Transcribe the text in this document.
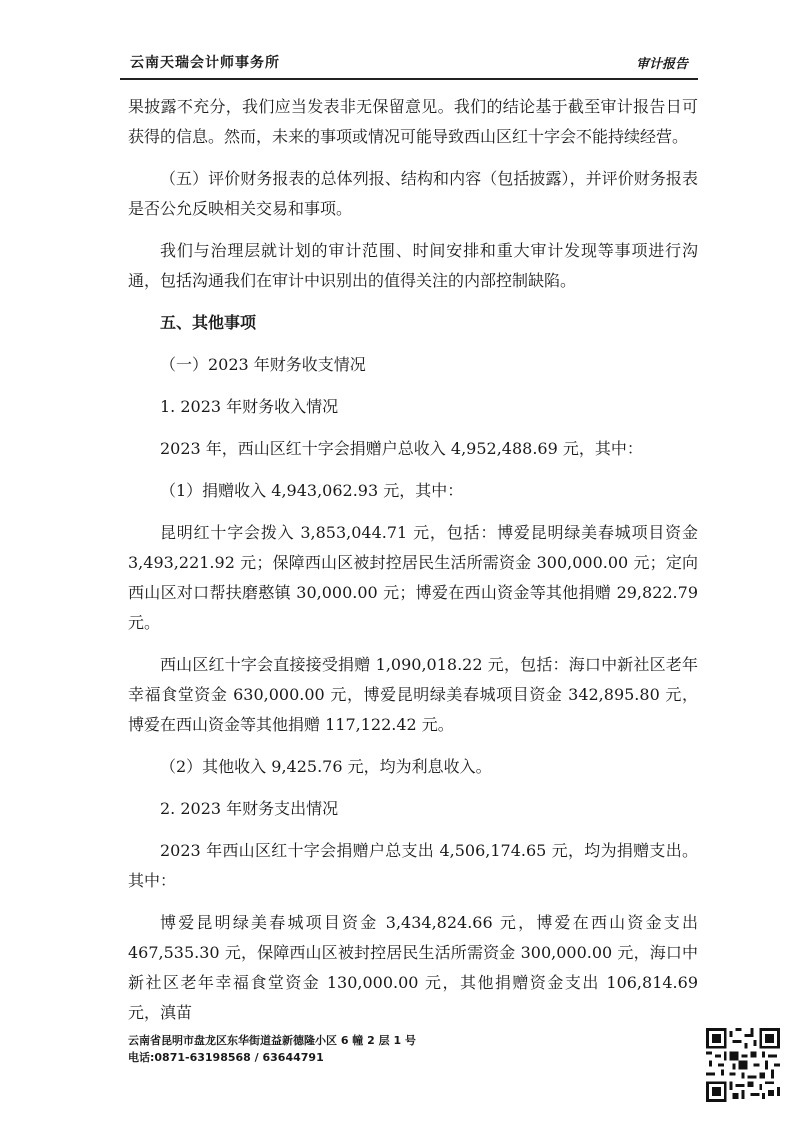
云南天瑞会计师事务所	审计报告

果披露不充分，我们应当发表非无保留意见。我们的结论基于截至审计报告日可获得的信息。然而，未来的事项或情况可能导致西山区红十字会不能持续经营。

（五）评价财务报表的总体列报、结构和内容（包括披露），并评价财务报表是否公允反映相关交易和事项。

我们与治理层就计划的审计范围、时间安排和重大审计发现等事项进行沟通，包括沟通我们在审计中识别出的值得关注的内部控制缺陷。

五、其他事项

（一）2023 年财务收支情况

1. 2023 年财务收入情况

2023 年，西山区红十字会捐赠户总收入 4,952,488.69 元，其中：

（1）捐赠收入 4,943,062.93 元，其中：

昆明红十字会拨入 3,853,044.71 元，包括：博爱昆明绿美春城项目资金 3,493,221.92 元；保障西山区被封控居民生活所需资金 300,000.00 元；定向西山区对口帮扶磨憨镇 30,000.00 元；博爱在西山资金等其他捐赠 29,822.79 元。

西山区红十字会直接接受捐赠 1,090,018.22 元，包括：海口中新社区老年幸福食堂资金 630,000.00 元，博爱昆明绿美春城项目资金 342,895.80 元，博爱在西山资金等其他捐赠 117,122.42 元。

（2）其他收入 9,425.76 元，均为利息收入。

2. 2023 年财务支出情况

2023 年西山区红十字会捐赠户总支出 4,506,174.65 元，均为捐赠支出。其中：

博爱昆明绿美春城项目资金 3,434,824.66 元，博爱在西山资金支出 467,535.30 元，保障西山区被封控居民生活所需资金 300,000.00 元，海口中新社区老年幸福食堂资金 130,000.00 元，其他捐赠资金支出 106,814.69 元，滇苗

云南省昆明市盘龙区东华街道益新德隆小区 6 幢 2 层 1 号
电话:0871-63198568 / 63644791
